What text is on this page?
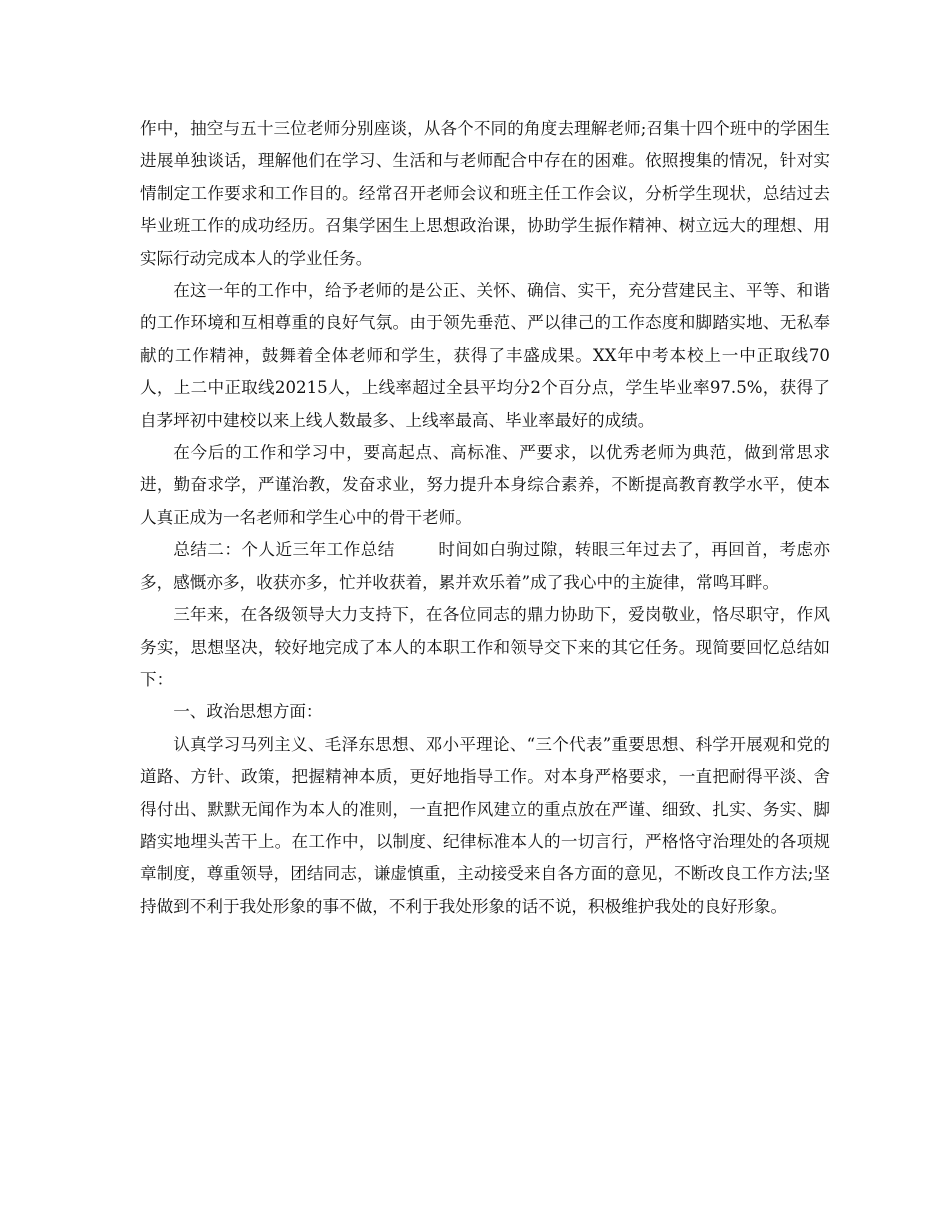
作中，抽空与五十三位老师分别座谈，从各个不同的角度去理解老师;召集十四个班中的学困生进展单独谈话，理解他们在学习、生活和与老师配合中存在的困难。依照搜集的情况，针对实情制定工作要求和工作目的。经常召开老师会议和班主任工作会议，分析学生现状，总结过去毕业班工作的成功经历。召集学困生上思想政治课，协助学生振作精神、树立远大的理想、用实际行动完成本人的学业任务。

在这一年的工作中，给予老师的是公正、关怀、确信、实干，充分营建民主、平等、和谐的工作环境和互相尊重的良好气氛。由于领先垂范、严以律己的工作态度和脚踏实地、无私奉献的工作精神，鼓舞着全体老师和学生，获得了丰盛成果。XX年中考本校上一中正取线70人，上二中正取线20215人，上线率超过全县平均分2个百分点，学生毕业率97.5%，获得了自茅坪初中建校以来上线人数最多、上线率最高、毕业率最好的成绩。

在今后的工作和学习中，要高起点、高标准、严要求，以优秀老师为典范，做到常思求进，勤奋求学，严谨治教，发奋求业，努力提升本身综合素养，不断提高教育教学水平，使本人真正成为一名老师和学生心中的骨干老师。

总结二：个人近三年工作总结	时间如白驹过隙，转眼三年过去了，再回首，考虑亦多，感慨亦多，收获亦多，忙并收获着，累并欢乐着”成了我心中的主旋律，常鸣耳畔。

三年来，在各级领导大力支持下，在各位同志的鼎力协助下，爱岗敬业，恪尽职守，作风务实，思想坚决，较好地完成了本人的本职工作和领导交下来的其它任务。现简要回忆总结如下：

一、政治思想方面：

认真学习马列主义、毛泽东思想、邓小平理论、“三个代表”重要思想、科学开展观和党的道路、方针、政策，把握精神本质，更好地指导工作。对本身严格要求，一直把耐得平淡、舍得付出、默默无闻作为本人的准则，一直把作风建立的重点放在严谨、细致、扎实、务实、脚踏实地埋头苦干上。在工作中，以制度、纪律标准本人的一切言行，严格恪守治理处的各项规章制度，尊重领导，团结同志，谦虚慎重，主动接受来自各方面的意见，不断改良工作方法;坚持做到不利于我处形象的事不做，不利于我处形象的话不说，积极维护我处的良好形象。
